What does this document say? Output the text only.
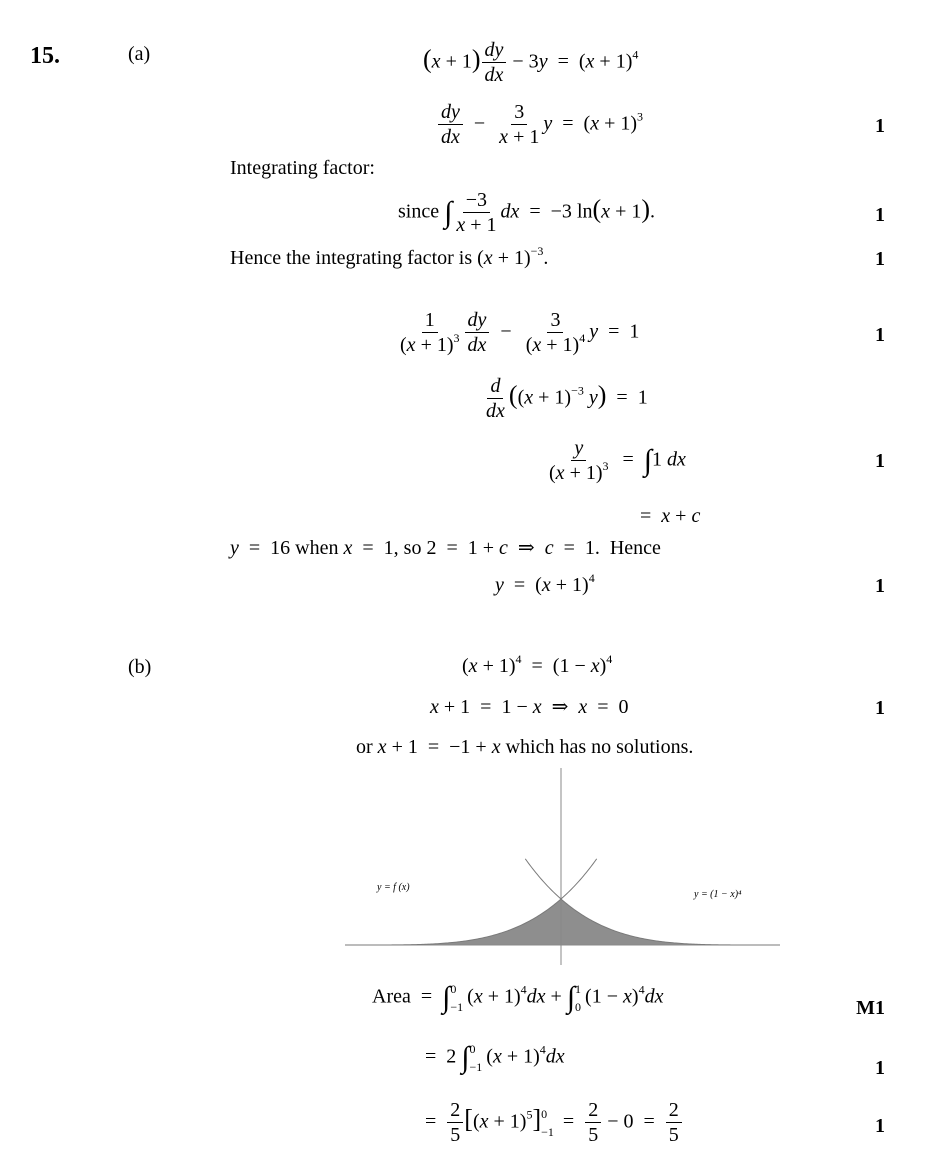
15.	(a)	$(x + 1) \frac{dy}{dx} - 3y = (x + 1)^4$
$\frac{dy}{dx} - \frac{3}{x + 1}$ $y = (x + 1)^3$	1
Integrating factor:
since ∫ $\frac{-3}{x + 1}$ dx  =  −3 ln(x + 1).	1
Hence the integrating factor is $(x + 1)^{-3}$.	1
$\frac{1}{(x + 1)^3} \frac{dy}{dx} - \frac{3}{(x + 1)^4}$ y  =  1	1
$\frac{d}{dx} ((x + 1)^{-3}$ y)  =  1
$\frac{y}{(x + 1)^3} = \int 1$ dx	1
=  x + c
y  =  16 when x  =  1, so 2  =  1 + c  ⇒  c  =  1.  Hence
$y = (x + 1)^4$	1
(b)	$(x + 1)^4 = (1 - x)^4$
x + 1  =  1 − x  ⇒  x  =  0	1
or x + 1  =  −1 + x which has no solutions.
y = f (x)
y = (1 − x)⁴
Area  =  ∫ 0
−1 $(x + 1)^4dx$ + ∫ 1
0 $(1 - x)^4dx$
M1
=  2 ∫ 0
−1 $(x + 1)^4dx$
1
= $\frac{2}{5} [(x + 1)^5]$ 0
$-1 = \frac{2}{5} - 0 = \frac{2}{5}$	1
